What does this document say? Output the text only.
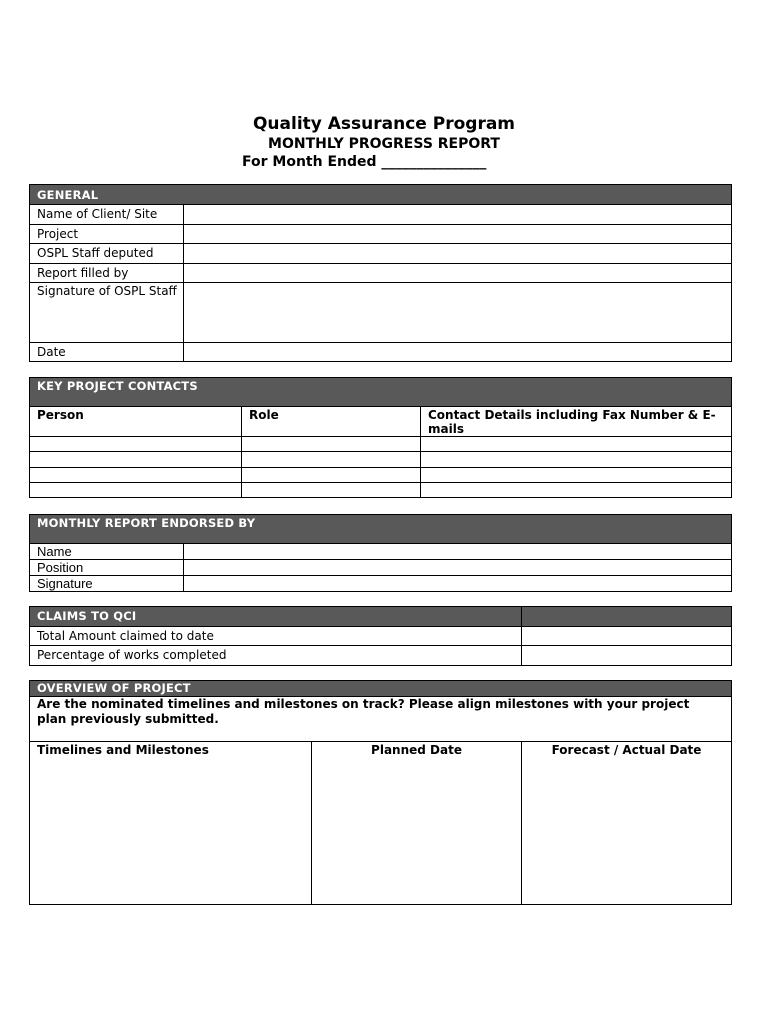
Quality Assurance Program
MONTHLY PROGRESS REPORT
For Month Ended _______________
GENERAL
Name of Client/ Site
Project
OSPL Staff deputed
Report filled by
Signature of OSPL Staff
Date
KEY PROJECT CONTACTS
Person	Role	Contact Details including Fax Number & E-mails
MONTHLY REPORT ENDORSED BY
Name
Position
Signature
CLAIMS TO QCI
Total Amount claimed to date
Percentage of works completed
OVERVIEW OF PROJECT
Are the nominated timelines and milestones on track? Please align milestones with your project plan previously submitted.
Timelines and Milestones	Planned Date	Forecast / Actual Date
